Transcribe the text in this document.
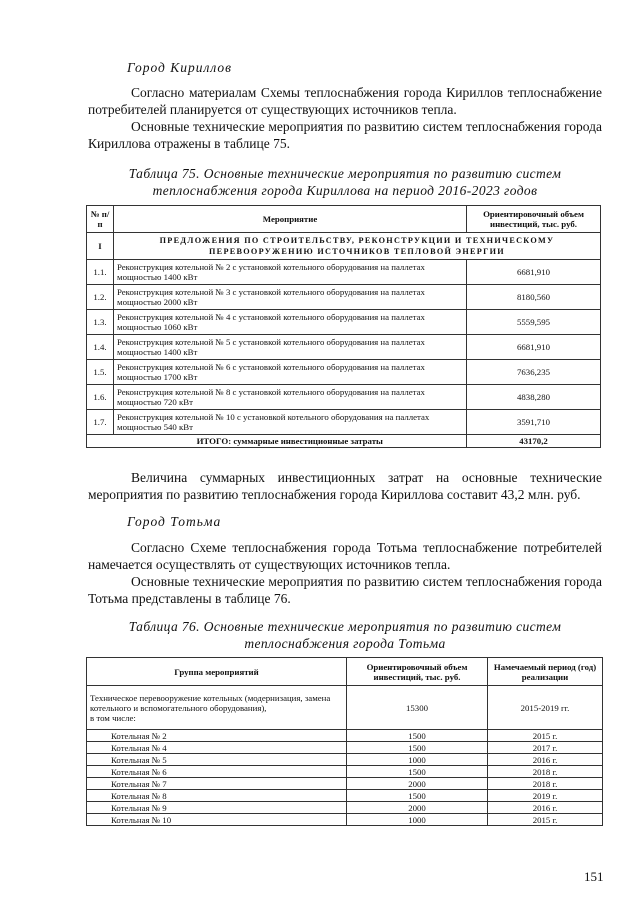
Город Кириллов
Согласно материалам Схемы теплоснабжения города Кириллов теплоснабжение потребителей планируется от существующих источников тепла.
Основные технические мероприятия по развитию систем теплоснабжения города Кириллова отражены в таблице 75.
Таблица 75. Основные технические мероприятия по развитию систем
теплоснабжения города Кириллова на период 2016-2023 годов
№ п/п	Мероприятие	Ориентировочный объем инвестиций, тыс. руб.
I	ПРЕДЛОЖЕНИЯ ПО СТРОИТЕЛЬСТВУ, РЕКОНСТРУКЦИИ И ТЕХНИЧЕСКОМУ ПЕРЕВООРУЖЕНИЮ ИСТОЧНИКОВ ТЕПЛОВОЙ ЭНЕРГИИ	
1.1.	Реконструкция котельной № 2 с установкой котельного оборудования на паллетах мощностью 1400 кВт	6681,910
1.2.	Реконструкция котельной № 3 с установкой котельного оборудования на паллетах мощностью 2000 кВт	8180,560
1.3.	Реконструкция котельной № 4 с установкой котельного оборудования на паллетах мощностью 1060 кВт	5559,595
1.4.	Реконструкция котельной № 5 с установкой котельного оборудования на паллетах мощностью 1400 кВт	6681,910
1.5.	Реконструкция котельной № 6 с установкой котельного оборудования на паллетах мощностью 1700 кВт	7636,235
1.6.	Реконструкция котельной № 8 с установкой котельного оборудования на паллетах мощностью 720 кВт	4838,280
1.7.	Реконструкция котельной № 10 с установкой котельного оборудования на паллетах мощностью 540 кВт	3591,710
	ИТОГО: суммарные инвестиционные затраты	43170,2
Величина суммарных инвестиционных затрат на основные технические мероприятия по развитию теплоснабжения города Кириллова составит 43,2 млн. руб.
Город Тотьма
Согласно Схеме теплоснабжения города Тотьма теплоснабжение потребителей намечается осуществлять от существующих источников тепла.
Основные технические мероприятия по развитию систем теплоснабжения города Тотьма представлены в таблице 76.
Таблица 76. Основные технические мероприятия по развитию систем
теплоснабжения города Тотьма
Группа мероприятий	Ориентировочный объем инвестиций, тыс. руб.	Намечаемый период (год) реализации
Техническое перевооружение котельных (модернизация, замена котельного и вспомогательного оборудования),
в том числе:	15300	2015-2019 гг.
Котельная № 2	1500	2015 г.
Котельная № 4	1500	2017 г.
Котельная № 5	1000	2016 г.
Котельная № 6	1500	2018 г.
Котельная № 7	2000	2018 г.
Котельная № 8	1500	2019 г.
Котельная № 9	2000	2016 г.
Котельная № 10	1000	2015 г.
151
